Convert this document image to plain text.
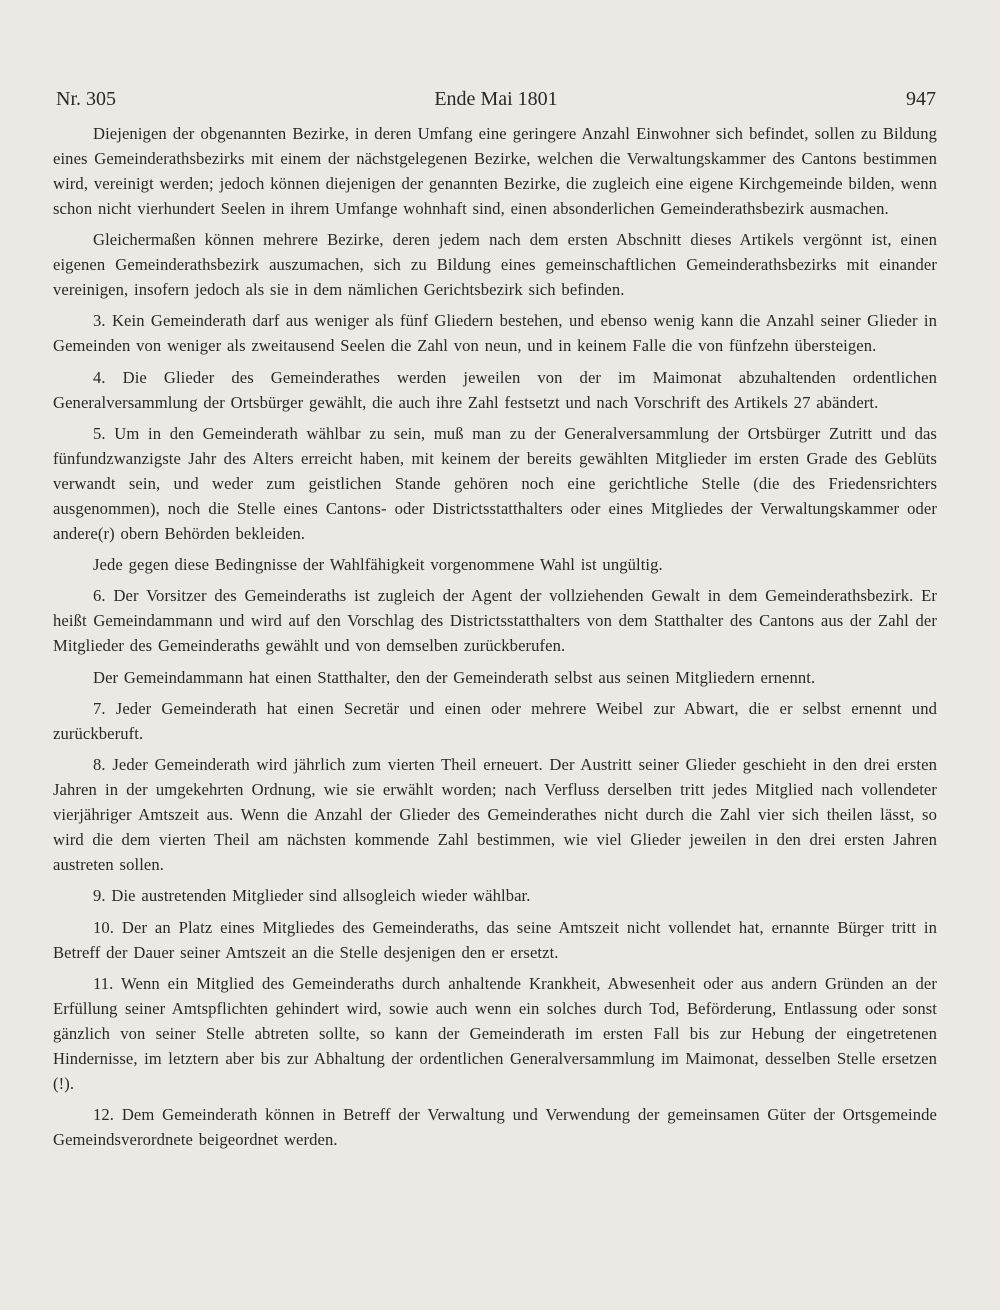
Nr. 305	Ende Mai 1801	947

Diejenigen der obgenannten Bezirke, in deren Umfang eine geringere Anzahl Einwohner sich befindet, sollen zu Bildung eines Gemeinderathsbezirks mit einem der nächstgelegenen Bezirke, welchen die Verwaltungskammer des Cantons bestimmen wird, vereinigt werden; jedoch können diejenigen der genannten Bezirke, die zugleich eine eigene Kirchgemeinde bilden, wenn schon nicht vierhundert Seelen in ihrem Umfange wohnhaft sind, einen absonderlichen Gemeinderathsbezirk ausmachen.

Gleichermaßen können mehrere Bezirke, deren jedem nach dem ersten Abschnitt dieses Artikels vergönnt ist, einen eigenen Gemeinderathsbezirk auszumachen, sich zu Bildung eines gemeinschaftlichen Gemeinderathsbezirks mit einander vereinigen, insofern jedoch als sie in dem nämlichen Gerichtsbezirk sich befinden.

3. Kein Gemeinderath darf aus weniger als fünf Gliedern bestehen, und ebenso wenig kann die Anzahl seiner Glieder in Gemeinden von weniger als zweitausend Seelen die Zahl von neun, und in keinem Falle die von fünfzehn übersteigen.

4. Die Glieder des Gemeinderathes werden jeweilen von der im Maimonat abzuhaltenden ordentlichen Generalversammlung der Ortsbürger gewählt, die auch ihre Zahl festsetzt und nach Vorschrift des Artikels 27 abändert.

5. Um in den Gemeinderath wählbar zu sein, muß man zu der Generalversammlung der Ortsbürger Zutritt und das fünfundzwanzigste Jahr des Alters erreicht haben, mit keinem der bereits gewählten Mitglieder im ersten Grade des Geblüts verwandt sein, und weder zum geistlichen Stande gehören noch eine gerichtliche Stelle (die des Friedensrichters ausgenommen), noch die Stelle eines Cantons- oder Districtsstatthalters oder eines Mitgliedes der Verwaltungskammer oder andere(r) obern Behörden bekleiden.

Jede gegen diese Bedingnisse der Wahlfähigkeit vorgenommene Wahl ist ungültig.

6. Der Vorsitzer des Gemeinderaths ist zugleich der Agent der vollziehenden Gewalt in dem Gemeinderathsbezirk. Er heißt Gemeindammann und wird auf den Vorschlag des Districtsstatthalters von dem Statthalter des Cantons aus der Zahl der Mitglieder des Gemeinderaths gewählt und von demselben zurückberufen.

Der Gemeindammann hat einen Statthalter, den der Gemeinderath selbst aus seinen Mitgliedern ernennt.

7. Jeder Gemeinderath hat einen Secretär und einen oder mehrere Weibel zur Abwart, die er selbst ernennt und zurückberuft.

8. Jeder Gemeinderath wird jährlich zum vierten Theil erneuert. Der Austritt seiner Glieder geschieht in den drei ersten Jahren in der umgekehrten Ordnung, wie sie erwählt worden; nach Verfluss derselben tritt jedes Mitglied nach vollendeter vierjähriger Amtszeit aus. Wenn die Anzahl der Glieder des Gemeinderathes nicht durch die Zahl vier sich theilen lässt, so wird die dem vierten Theil am nächsten kommende Zahl bestimmen, wie viel Glieder jeweilen in den drei ersten Jahren austreten sollen.

9. Die austretenden Mitglieder sind allsogleich wieder wählbar.

10. Der an Platz eines Mitgliedes des Gemeinderaths, das seine Amtszeit nicht vollendet hat, ernannte Bürger tritt in Betreff der Dauer seiner Amtszeit an die Stelle desjenigen den er ersetzt.

11. Wenn ein Mitglied des Gemeinderaths durch anhaltende Krankheit, Abwesenheit oder aus andern Gründen an der Erfüllung seiner Amtspflichten gehindert wird, sowie auch wenn ein solches durch Tod, Beförderung, Entlassung oder sonst gänzlich von seiner Stelle abtreten sollte, so kann der Gemeinderath im ersten Fall bis zur Hebung der eingetretenen Hindernisse, im letztern aber bis zur Abhaltung der ordentlichen Generalversammlung im Maimonat, desselben Stelle ersetzen (!).

12. Dem Gemeinderath können in Betreff der Verwaltung und Verwendung der gemeinsamen Güter der Ortsgemeinde Gemeindsverordnete beigeordnet werden.
